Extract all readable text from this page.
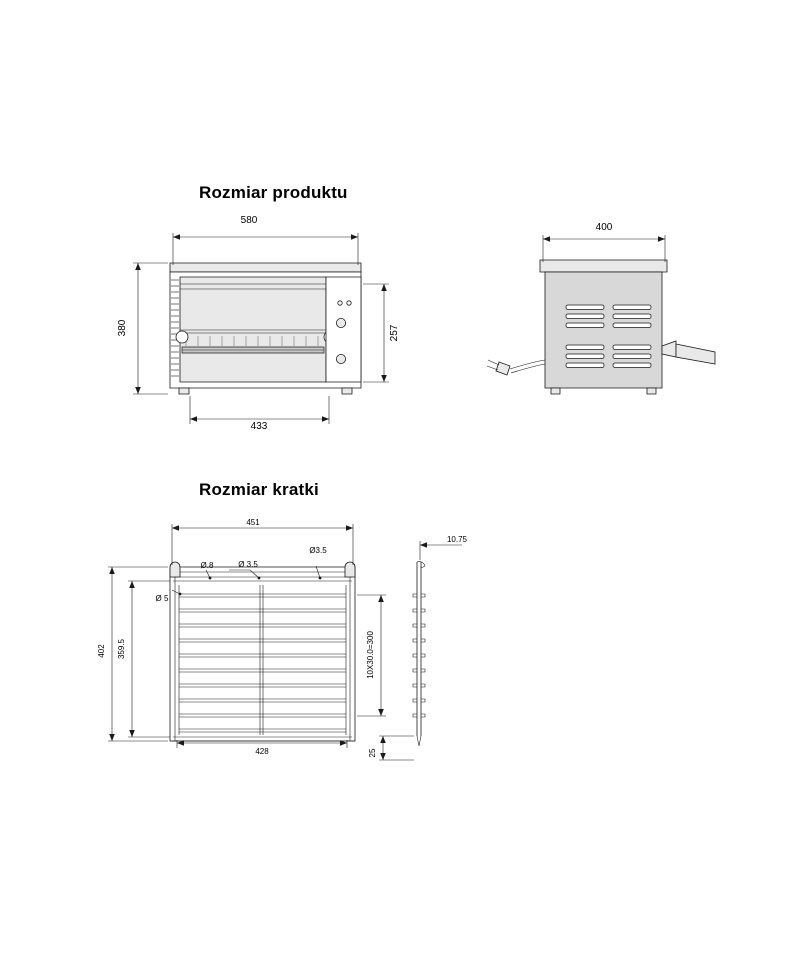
Rozmiar produktu
Rozmiar kratki
580
380	257
433
400
Ø.8	Ø 3.5
Ø3.5
Ø 5
451
428
402 359.5	10X30.0=300
10.75
25
